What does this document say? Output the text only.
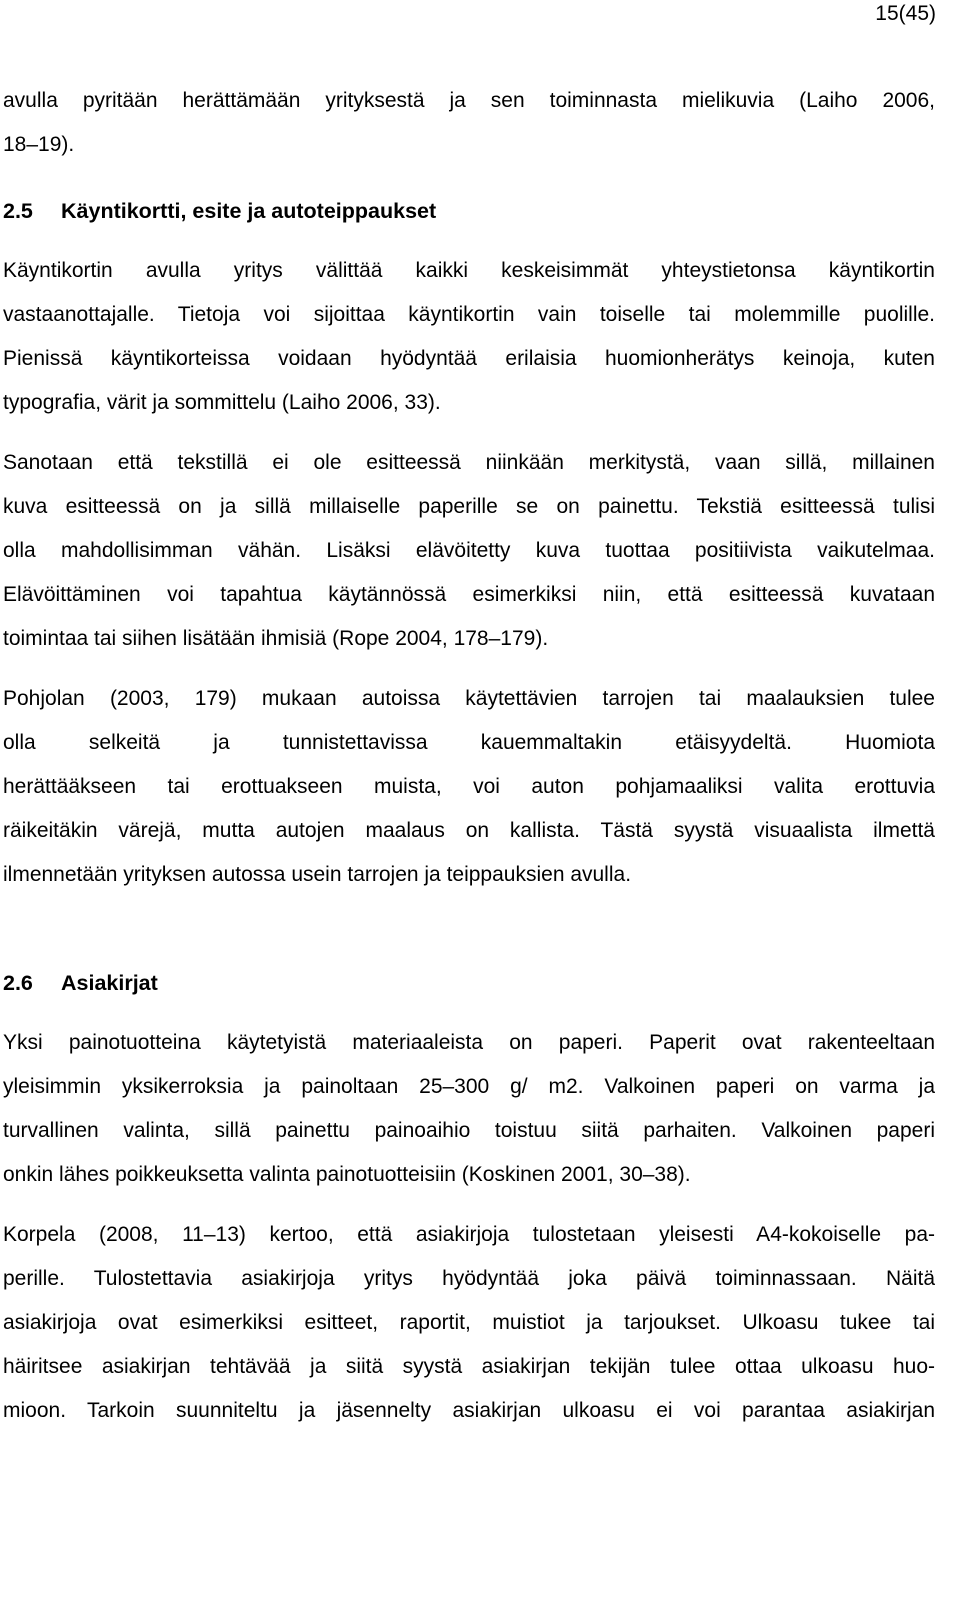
15(45)
avulla pyritään herättämään yrityksestä ja sen toiminnasta mielikuvia (Laiho 2006,
18–19).
2.5 Käyntikortti, esite ja autoteippaukset
Käyntikortin avulla yritys välittää kaikki keskeisimmät yhteystietonsa käyntikortin
vastaanottajalle. Tietoja voi sijoittaa käyntikortin vain toiselle tai molemmille puolille.
Pienissä käyntikorteissa voidaan hyödyntää erilaisia huomionherätys keinoja, kuten
typografia, värit ja sommittelu (Laiho 2006, 33).
Sanotaan että tekstillä ei ole esitteessä niinkään merkitystä, vaan sillä, millainen
kuva esitteessä on ja sillä millaiselle paperille se on painettu. Tekstiä esitteessä tulisi
olla mahdollisimman vähän. Lisäksi elävöitetty kuva tuottaa positiivista vaikutelmaa.
Elävöittäminen voi tapahtua käytännössä esimerkiksi niin, että esitteessä kuvataan
toimintaa tai siihen lisätään ihmisiä (Rope 2004, 178–179).
Pohjolan (2003, 179) mukaan autoissa käytettävien tarrojen tai maalauksien tulee
olla selkeitä ja tunnistettavissa kauemmaltakin etäisyydeltä. Huomiota
herättääkseen tai erottuakseen muista, voi auton pohjamaaliksi valita erottuvia
räikeitäkin värejä, mutta autojen maalaus on kallista. Tästä syystä visuaalista ilmettä
ilmennetään yrityksen autossa usein tarrojen ja teippauksien avulla.
2.6 Asiakirjat
Yksi painotuotteina käytetyistä materiaaleista on paperi. Paperit ovat rakenteeltaan
yleisimmin yksikerroksia ja painoltaan 25–300 g/ m2. Valkoinen paperi on varma ja
turvallinen valinta, sillä painettu painoaihio toistuu siitä parhaiten. Valkoinen paperi
onkin lähes poikkeuksetta valinta painotuotteisiin (Koskinen 2001, 30–38).
Korpela (2008, 11–13) kertoo, että asiakirjoja tulostetaan yleisesti A4-kokoiselle pa-
perille. Tulostettavia asiakirjoja yritys hyödyntää joka päivä toiminnassaan. Näitä
asiakirjoja ovat esimerkiksi esitteet, raportit, muistiot ja tarjoukset. Ulkoasu tukee tai
häiritsee asiakirjan tehtävää ja siitä syystä asiakirjan tekijän tulee ottaa ulkoasu huo-
mioon. Tarkoin suunniteltu ja jäsennelty asiakirjan ulkoasu ei voi parantaa asiakirjan
